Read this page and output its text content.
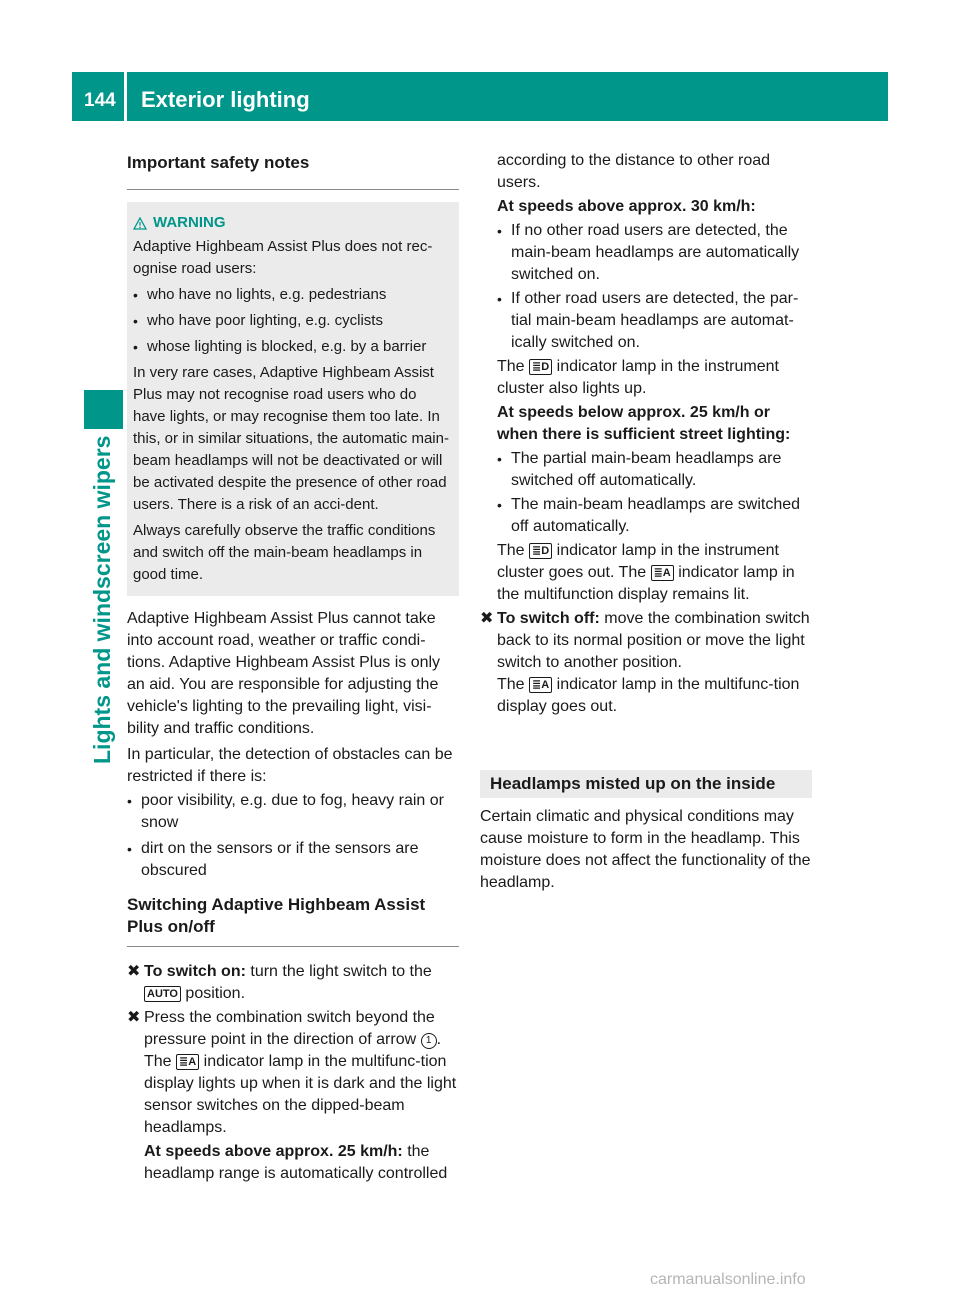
144 Exterior lighting
Lights and windscreen wipers
Important safety notes
WARNING

Adaptive Highbeam Assist Plus does not rec-ognise road users:

• who have no lights, e.g. pedestrians
• who have poor lighting, e.g. cyclists
• whose lighting is blocked, e.g. by a barrier

In very rare cases, Adaptive Highbeam Assist Plus may not recognise road users who do have lights, or may recognise them too late. In this, or in similar situations, the automatic main-beam headlamps will not be deactivated or will be activated despite the presence of other road users. There is a risk of an acci-dent.

Always carefully observe the traffic conditions and switch off the main-beam headlamps in good time.

Adaptive Highbeam Assist Plus cannot take into account road, weather or traffic condi-tions. Adaptive Highbeam Assist Plus is only an aid. You are responsible for adjusting the vehicle's lighting to the prevailing light, visi-bility and traffic conditions.

In particular, the detection of obstacles can be restricted if there is:

• poor visibility, e.g. due to fog, heavy rain or snow
• dirt on the sensors or if the sensors are obscured
Switching Adaptive Highbeam Assist Plus on/off
✖ To switch on: turn the light switch to the
AUTO position.
✖ Press the combination switch beyond the pressure point in the direction of arrow 1 .
The ≣A indicator lamp in the multifunc-tion display lights up when it is dark and the light sensor switches on the dipped-beam headlamps.

At speeds above approx. 25 km/h: the headlamp range is automatically controlled

according to the distance to other road users.

At speeds above approx. 30 km/h:

• If no other road users are detected, the main-beam headlamps are automatically switched on.
• If other road users are detected, the par-tial main-beam headlamps are automat-ically switched on.

The ≣D indicator lamp in the instrument cluster also lights up.

At speeds below approx. 25 km/h or when there is sufficient street lighting:

• The partial main-beam headlamps are switched off automatically.
• The main-beam headlamps are switched off automatically.

The ≣D indicator lamp in the instrument cluster goes out. The ≣A indicator lamp in the multifunction display remains lit.

✖ To switch off: move the combination switch back to its normal position or move the light switch to another position.
The ≣A indicator lamp in the multifunc-tion display goes out.
Headlamps misted up on the inside

Certain climatic and physical conditions may cause moisture to form in the headlamp. This moisture does not affect the functionality of the headlamp.

carmanualsonline.info
